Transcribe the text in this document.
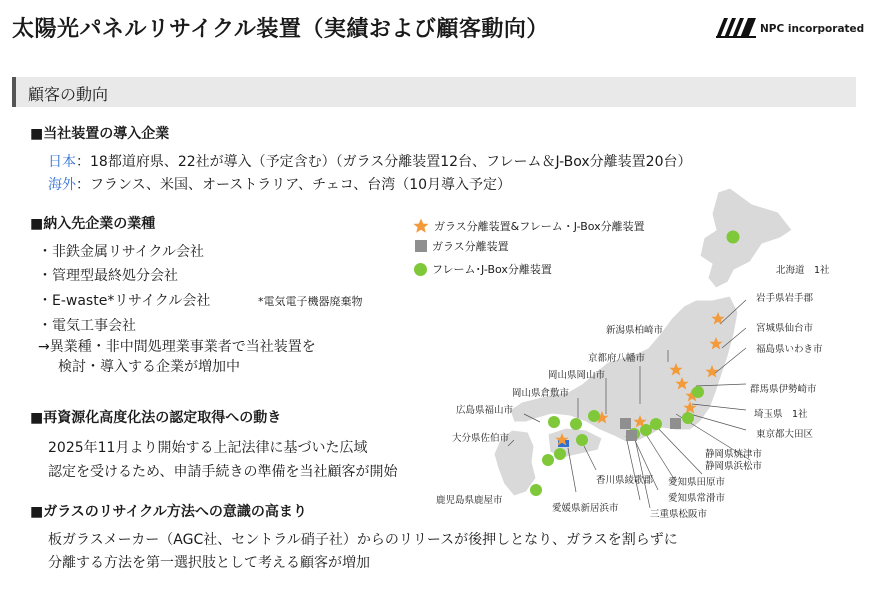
太陽光パネルリサイクル装置（実績および顧客動向）	NPC incorporated
顧客の動向
■当社装置の導入企業
日本：18都道府県、22社が導入（予定含む）（ガラス分離装置12台、フレーム＆J-Box分離装置20台）
海外：フランス、米国、オーストラリア、チェコ、台湾（10月導入予定）
■納入先企業の業種
・非鉄金属リサイクル会社
・管理型最終処分会社
・E-waste*リサイクル会社	*電気電子機器廃棄物
・電気工事会社
→異業種・非中間処理業事業者で当社装置を
検討・導入する企業が増加中
■再資源化高度化法の認定取得への動き
2025年11月より開始する上記法律に基づいた広域
認定を受けるため、申請手続きの準備を当社顧客が開始
■ガラスのリサイクル方法への意識の高まり
板ガラスメーカー（AGC社、セントラル硝子社）からのリリースが後押しとなり、ガラスを割らずに
分離する方法を第一選択肢として考える顧客が増加
ガラス分離装置&フレーム・J-Box分離装置
ガラス分離装置
フレーム･J-Box分離装置	北海道　1社
岩手県岩手郡
新潟県柏崎市	宮城県仙台市
福島県いわき市
京都府八幡市
岡山県岡山市
岡山県倉敷市	群馬県伊勢崎市
広島県福山市	埼玉県　1社
東京都大田区
大分県佐伯市
静岡県焼津市
静岡県浜松市
香川県綾歌郡 愛知県田原市
鹿児島県鹿屋市	愛知県常滑市
愛媛県新居浜市
三重県松阪市
